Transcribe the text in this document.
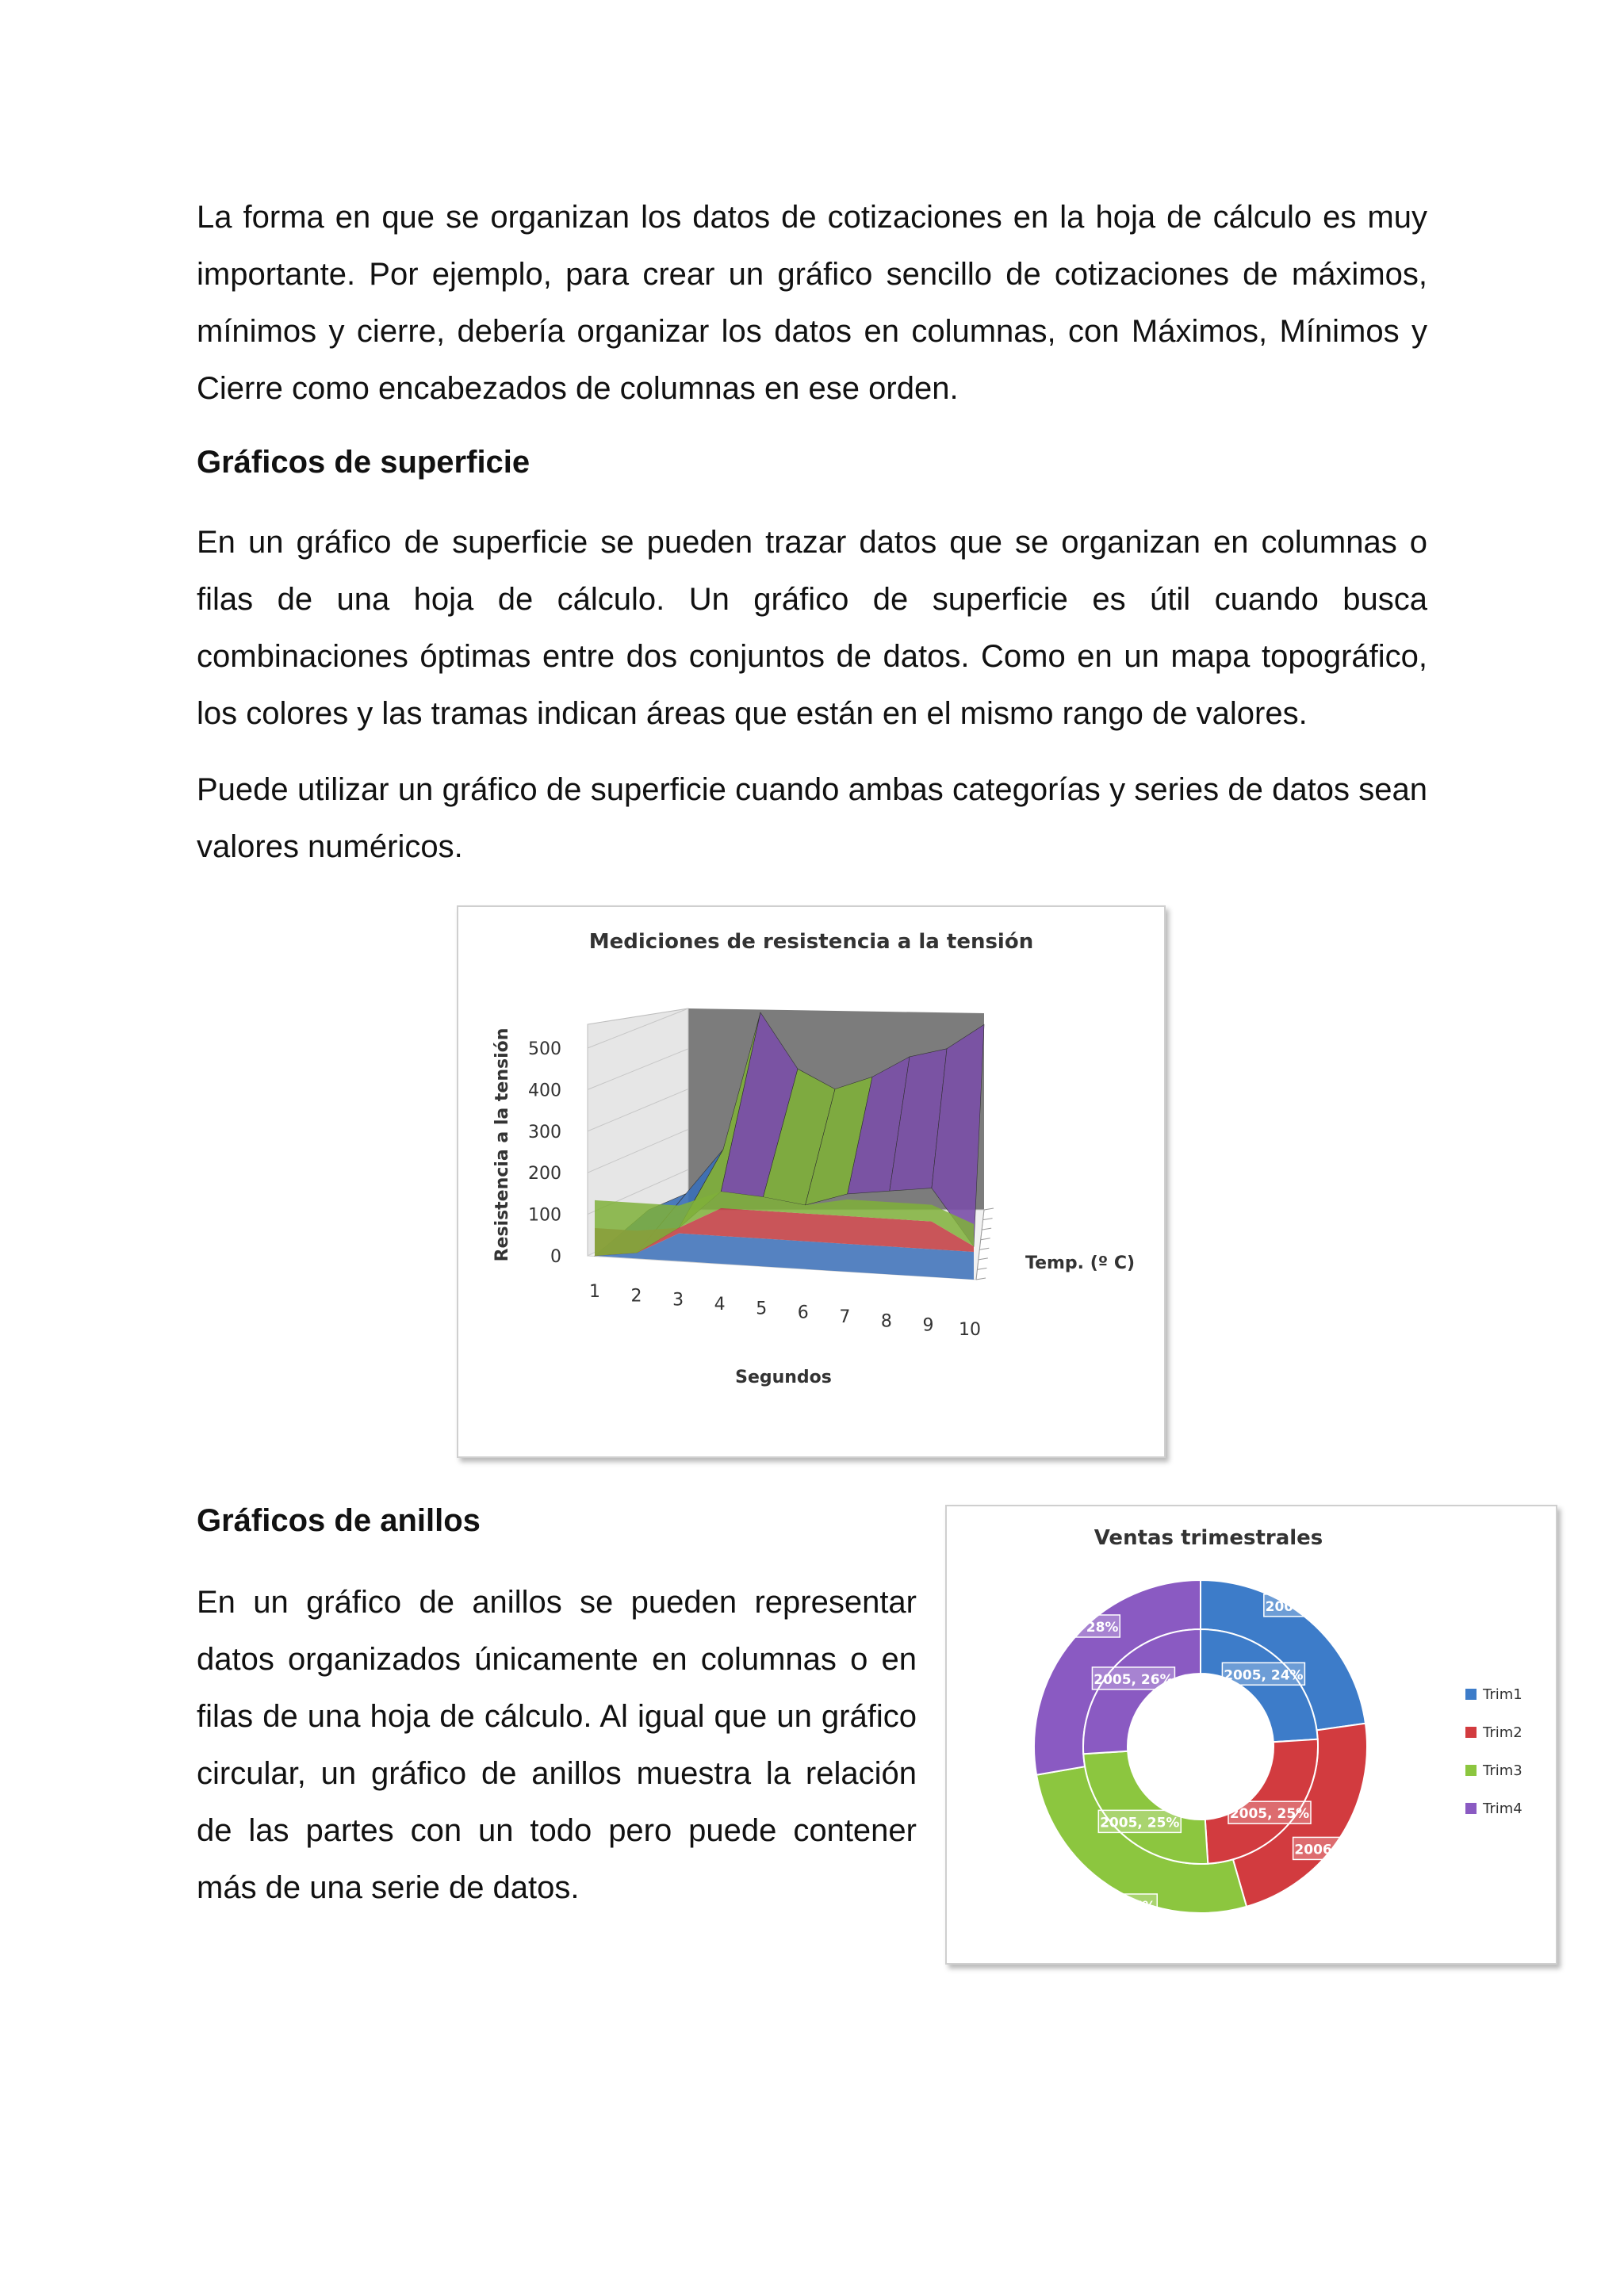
La forma en que se organizan los datos de cotizaciones en la hoja de cálculo es muy importante. Por ejemplo, para crear un gráfico sencillo de cotizaciones de máximos, mínimos y cierre, debería organizar los datos en columnas, con Máximos, Mínimos y Cierre como encabezados de columnas en ese orden.

Gráficos de superficie

En un gráfico de superficie se pueden trazar datos que se organizan en columnas o filas de una hoja de cálculo. Un gráfico de superficie es útil cuando busca combinaciones óptimas entre dos conjuntos de datos. Como en un mapa topográfico, los colores y las tramas indican áreas que están en el mismo rango de valores.

Puede utilizar un gráfico de superficie cuando ambas categorías y series de datos sean valores numéricos.

Mediciones de resistencia a la tensión
0
100
200
300
400
500
Temp. (º C)
1 2 3 4 5 6 7 8 9 10
Segundos
Resistencia a la tensión
Gráficos de anillos

En un gráfico de anillos se pueden representar datos organizados únicamente en columnas o en filas de una hoja de cálculo. Al igual que un gráfico circular, un gráfico de anillos muestra la relación de las partes con un todo pero puede contener más de una serie de datos.

Ventas trimestrales
2006, 23%
2006, 23%
2006, 27%
2006, 28%
2005, 24%
2005, 25%
2005, 25%
2005, 26%
Trim1
Trim2
Trim3
Trim4
